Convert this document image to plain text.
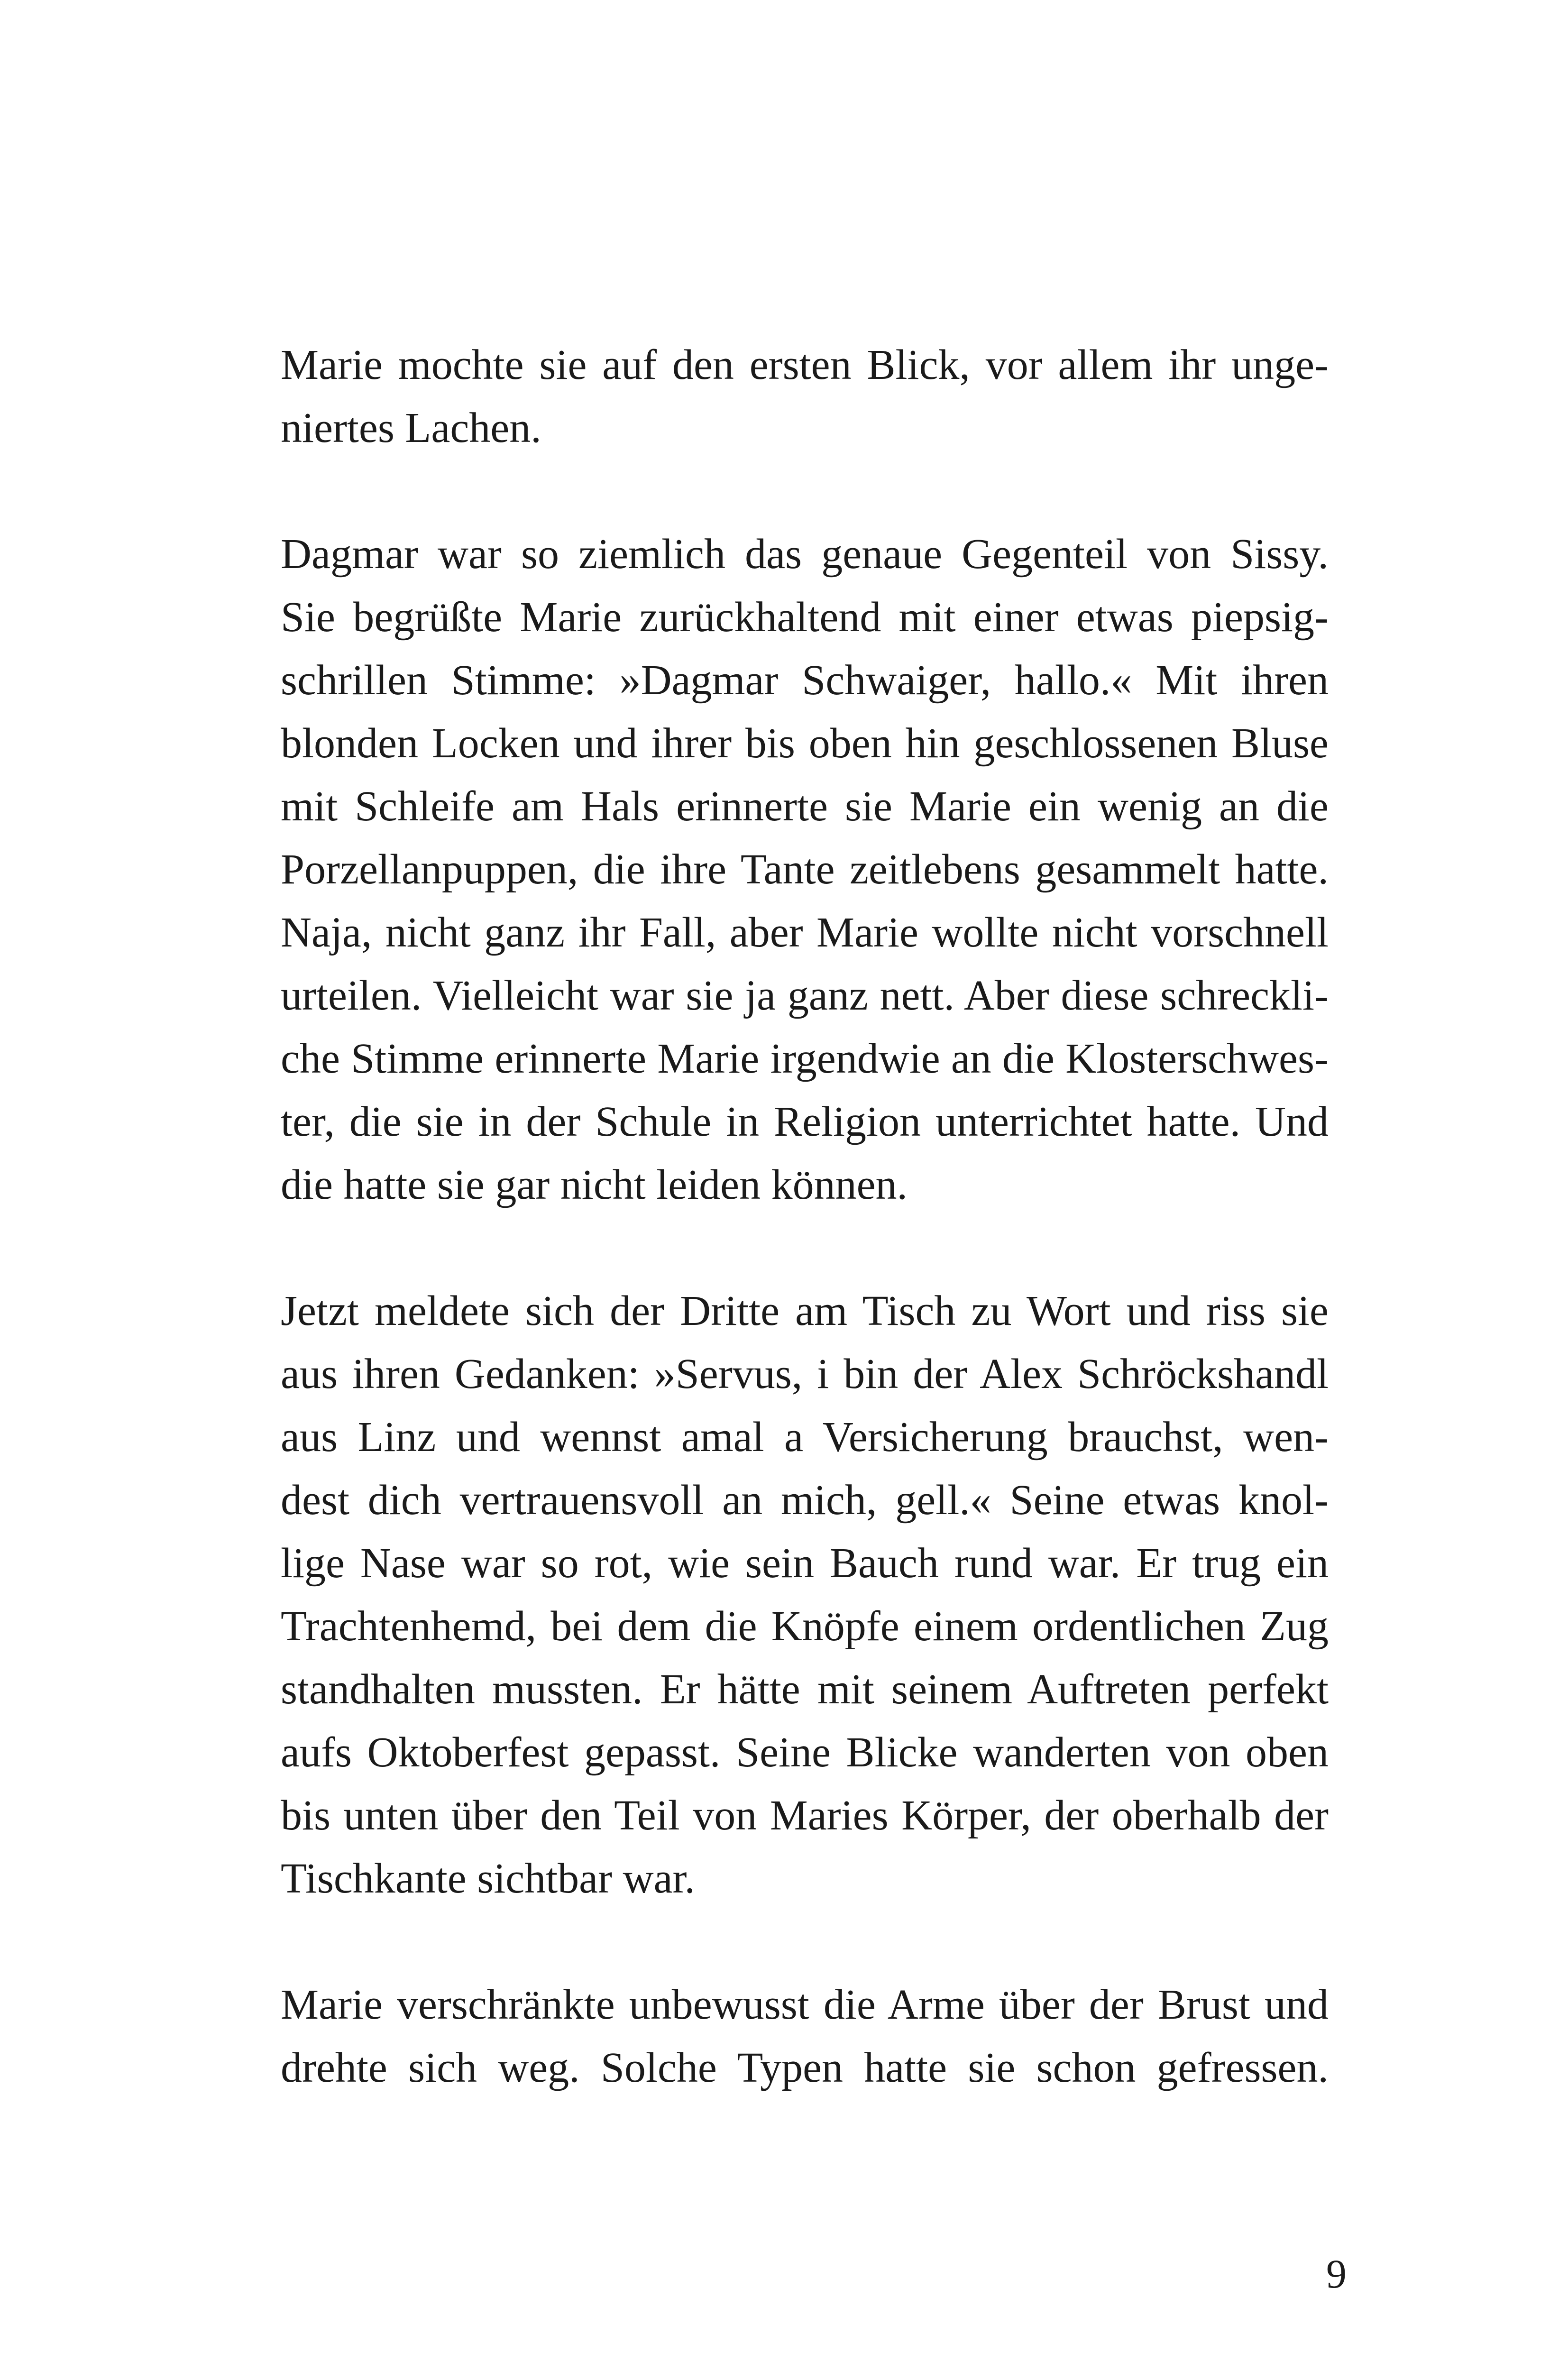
Marie mochte sie auf den ersten Blick, vor allem ihr unge-
niertes Lachen.

Dagmar war so ziemlich das genaue Gegenteil von Sissy.
Sie begrüßte Marie zurückhaltend mit einer etwas piepsig-
schrillen Stimme: »Dagmar Schwaiger, hallo.« Mit ihren
blonden Locken und ihrer bis oben hin geschlossenen Bluse
mit Schleife am Hals erinnerte sie Marie ein wenig an die
Porzellanpuppen, die ihre Tante zeitlebens gesammelt hatte.
Naja, nicht ganz ihr Fall, aber Marie wollte nicht vorschnell
urteilen. Vielleicht war sie ja ganz nett. Aber diese schreckli-
che Stimme erinnerte Marie irgendwie an die Klosterschwes-
ter, die sie in der Schule in Religion unterrichtet hatte. Und
die hatte sie gar nicht leiden können.

Jetzt meldete sich der Dritte am Tisch zu Wort und riss sie
aus ihren Gedanken: »Servus, i bin der Alex Schröckshandl
aus Linz und wennst amal a Versicherung brauchst, wen-
dest dich vertrauensvoll an mich, gell.« Seine etwas knol-
lige Nase war so rot, wie sein Bauch rund war. Er trug ein
Trachtenhemd, bei dem die Knöpfe einem ordentlichen Zug
standhalten mussten. Er hätte mit seinem Auftreten perfekt
aufs Oktoberfest gepasst. Seine Blicke wanderten von oben
bis unten über den Teil von Maries Körper, der oberhalb der
Tischkante sichtbar war.

Marie verschränkte unbewusst die Arme über der Brust und
drehte sich weg. Solche Typen hatte sie schon gefressen.

9
